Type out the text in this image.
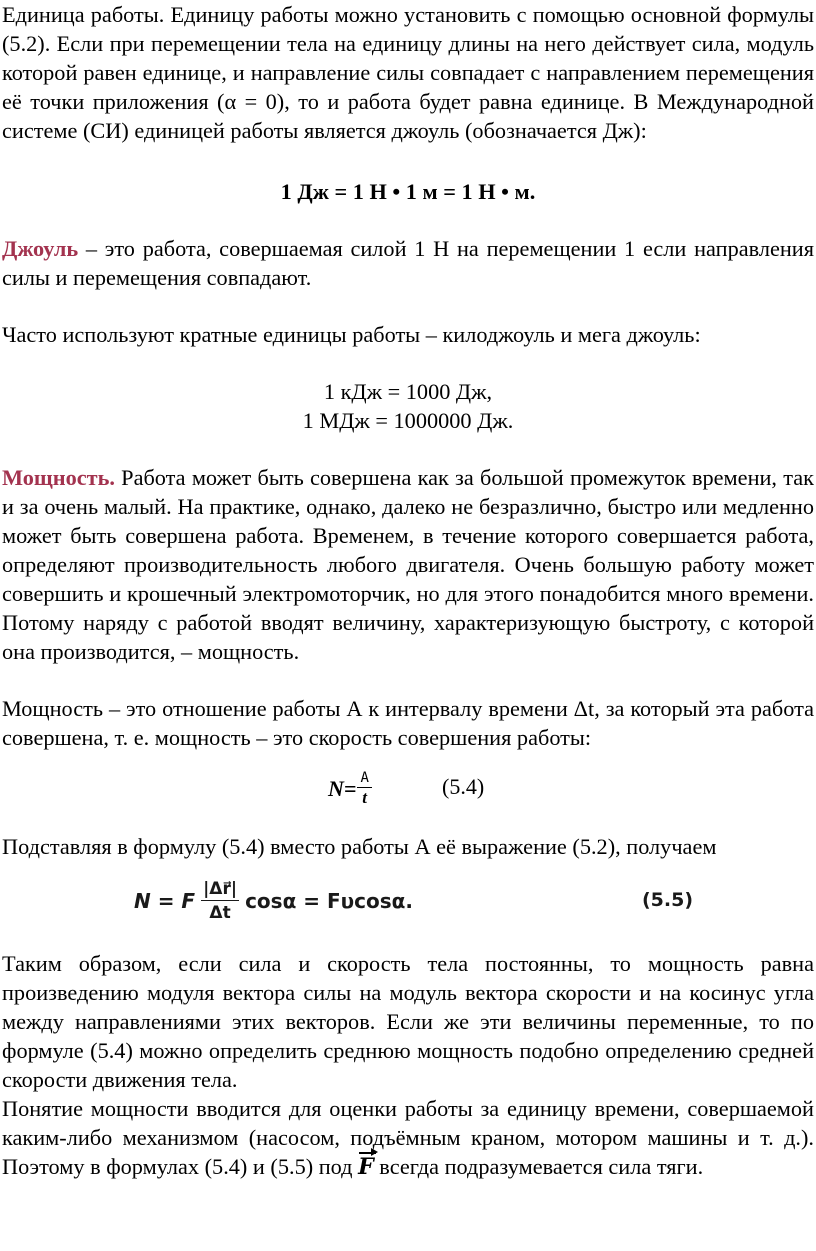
Единица работы. Единицу работы можно установить с помощью основной формулы (5.2). Если при перемещении тела на единицу длины на него действует сила, модуль которой равен единице, и направление силы совпадает с направлением перемещения её точки приложения (α = 0), то и работа будет равна единице. В Международной системе (СИ) единицей работы является джоуль (обозначается Дж):

1 Дж = 1 Н • 1 м = 1 Н • м.

Джоуль – это работа, совершаемая силой 1 Н на перемещении 1 если направления силы и перемещения совпадают.

Часто используют кратные единицы работы – килоджоуль и мега джоуль:

1 кДж = 1000 Дж,

1 МДж = 1000000 Дж.

Мощность. Работа может быть совершена как за большой промежуток времени, так и за очень малый. На практике, однако, далеко не безразлично, быстро или медленно может быть совершена работа. Временем, в течение которого совершается работа, определяют производительность любого двигателя. Очень большую работу может совершить и крошечный электромоторчик, но для этого понадобится много времени. Потому наряду с работой вводят величину, характеризующую быстроту, с которой она производится, – мощность.

Мощность – это отношение работы А к интервалу времени Δt, за который эта работа совершена, т. е. мощность – это скорость совершения работы:

$N= \frac{A}{t}$	(5.4)

Подставляя в формулу (5.4) вместо работы А её выражение (5.2), получаем

N = F $\frac{|\Delta r⃗|}{\Delta t}$ cosα = Fυcosα.	(5.5)

Таким образом, если сила и скорость тела постоянны, то мощность равна произведению модуля вектора силы на модуль вектора скорости и на косинус угла между направлениями этих векторов. Если же эти величины переменные, то по формуле (5.4) можно определить среднюю мощность подобно определению средней скорости движения тела.

Понятие мощности вводится для оценки работы за единицу времени, совершаемой каким-либо механизмом (насосом, подъёмным краном, мотором машины и т. д.). Поэтому в формулах (5.4) и (5.5) под F всегда подразумевается сила тяги.
